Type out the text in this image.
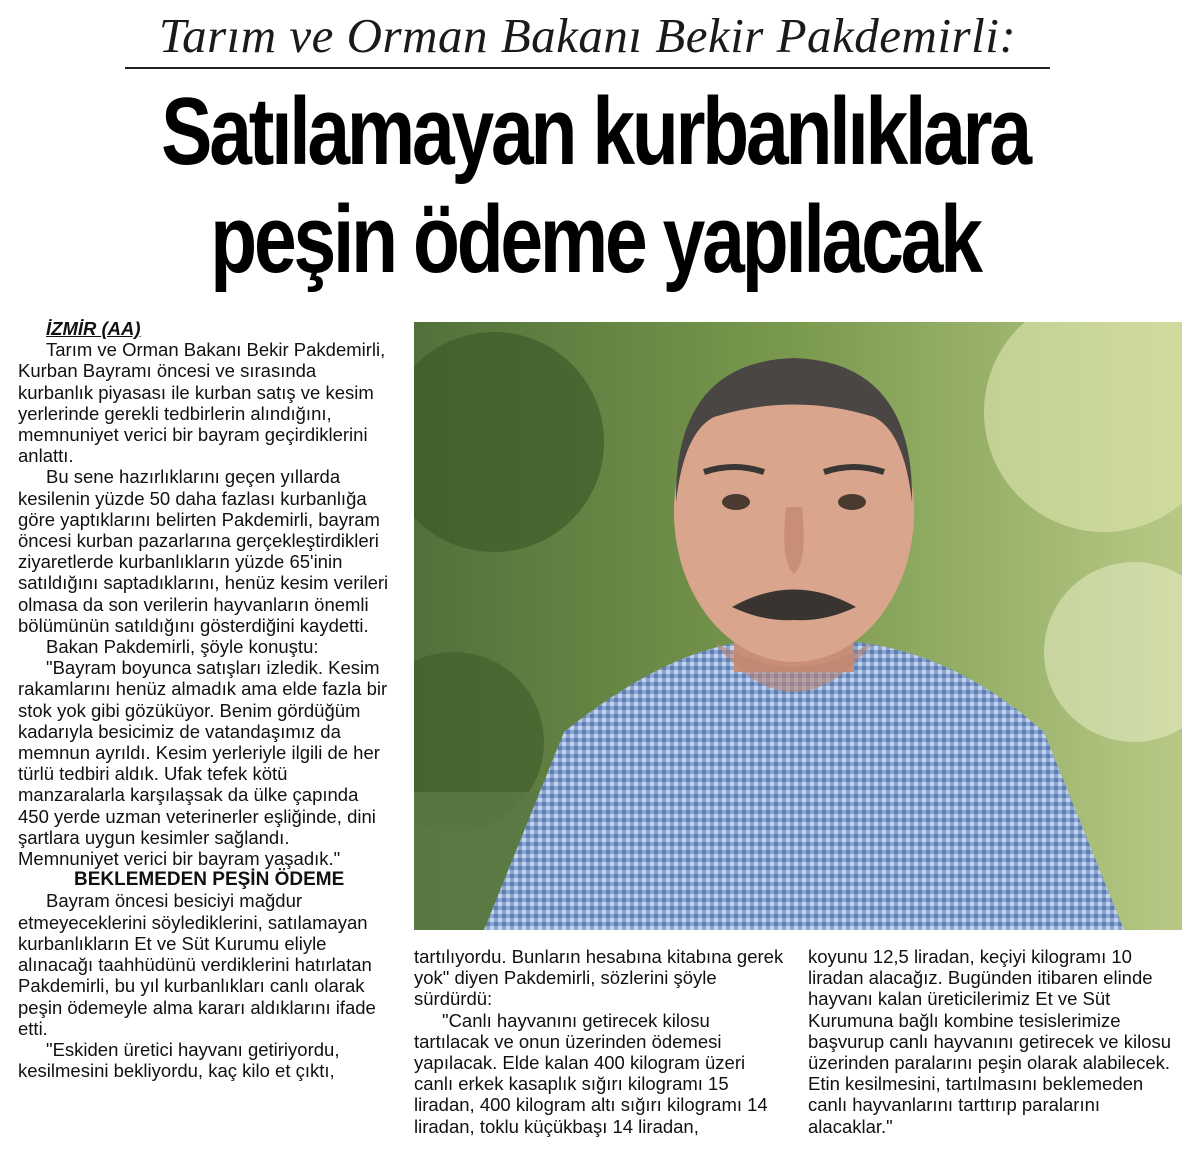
Tarım ve Orman Bakanı Bekir Pakdemirli:
Satılamayan kurbanlıklara
peşin ödeme yapılacak

İZMİR (AA)

Tarım ve Orman Bakanı Bekir Pakdemirli, Kurban Bayramı öncesi ve sırasında kurbanlık piyasası ile kurban satış ve kesim yerlerinde gerekli tedbirlerin alındığını, memnuniyet verici bir bayram geçirdiklerini anlattı.

Bu sene hazırlıklarını geçen yıllarda kesilenin yüzde 50 daha fazlası kurbanlığa göre yaptıklarını belirten Pakdemirli, bayram öncesi kurban pazarlarına gerçekleştirdikleri ziyaretlerde kurbanlıkların yüzde 65'inin satıldığını saptadıklarını, henüz kesim verileri olmasa da son verilerin hayvanların önemli bölümünün satıldığını gösterdiğini kaydetti.

Bakan Pakdemirli, şöyle konuştu:

"Bayram boyunca satışları izledik. Kesim rakamlarını henüz almadık ama elde fazla bir stok yok gibi gözüküyor. Benim gördüğüm kadarıyla besicimiz de vatandaşımız da memnun ayrıldı. Kesim yerleriyle ilgili de her türlü tedbiri aldık. Ufak tefek kötü manzaralarla karşılaşsak da ülke çapında 450 yerde uzman veterinerler eşliğinde, dini şartlara uygun kesimler sağlandı. Memnuniyet verici bir bayram yaşadık."

BEKLEMEDEN PEŞİN ÖDEME

Bayram öncesi besiciyi mağdur etmeyeceklerini söylediklerini, satılamayan kurbanlıkların Et ve Süt Kurumu eliyle alınacağı taahhüdünü verdiklerini hatırlatan Pakdemirli, bu yıl kurbanlıkları canlı olarak peşin ödemeyle alma kararı aldıklarını ifade etti.

"Eskiden üretici hayvanı getiriyordu, kesilmesini bekliyordu, kaç kilo et çıktı,

tartılıyordu. Bunların hesabına kitabına gerek yok" diyen Pakdemirli, sözlerini şöyle sürdürdü:

"Canlı hayvanını getirecek kilosu tartılacak ve onun üzerinden ödemesi yapılacak. Elde kalan 400 kilogram üzeri canlı erkek kasaplık sığırı kilogramı 15 liradan, 400 kilogram altı sığırı kilogramı 14 liradan, toklu küçükbaşı 14 liradan,

koyunu 12,5 liradan, keçiyi kilogramı 10 liradan alacağız. Bugünden itibaren elinde hayvanı kalan üreticilerimiz Et ve Süt Kurumuna bağlı kombine tesislerimize başvurup canlı hayvanını getirecek ve kilosu üzerinden paralarını peşin olarak alabilecek. Etin kesilmesini, tartılmasını beklemeden canlı hayvanlarını tarttırıp paralarını alacaklar."
